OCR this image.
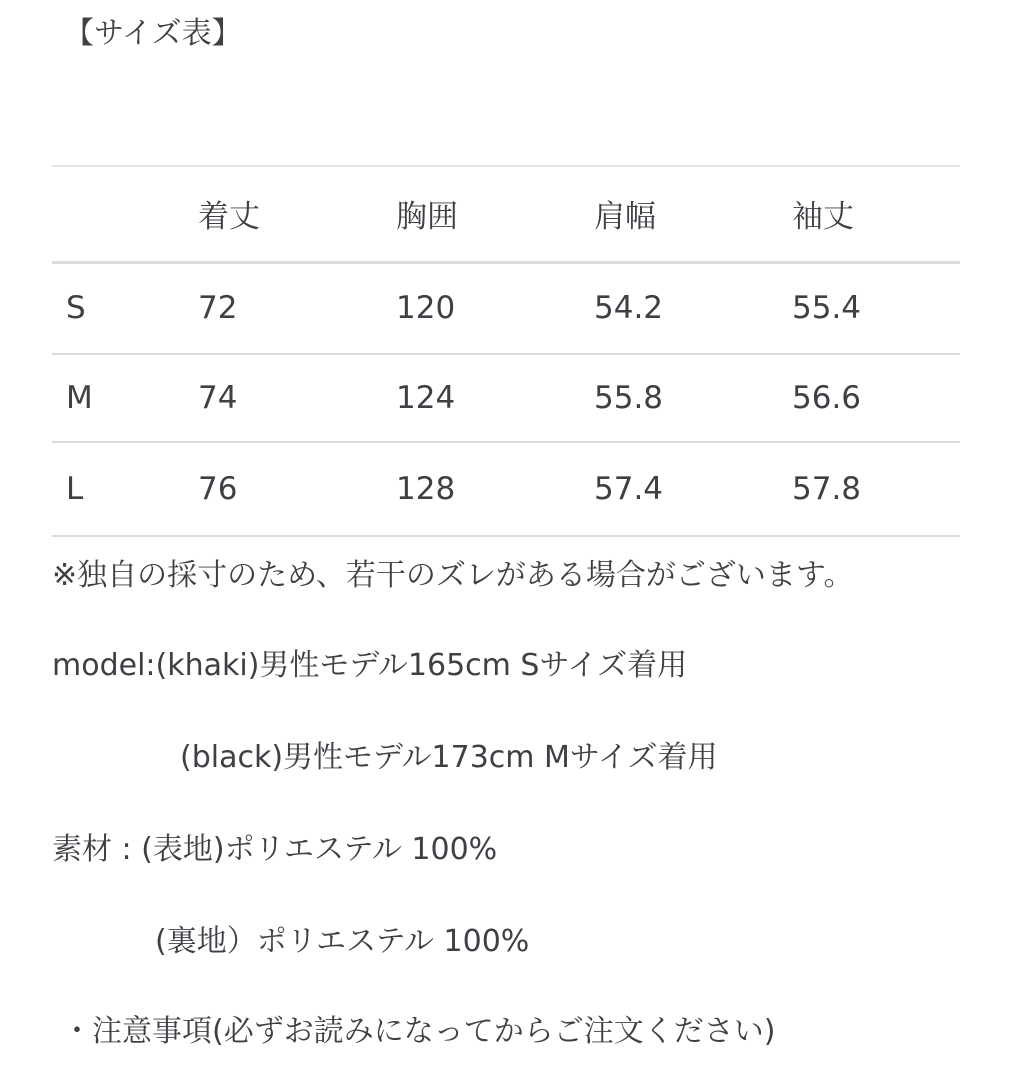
【サイズ表】
	着丈	胸囲	肩幅	袖丈
S	72	120	54.2	55.4
M	74	124	55.8	56.6
L	76	128	57.4	57.8
※独自の採寸のため、若干のズレがある場合がございます。
model:(khaki)男性モデル165cm Sサイズ着用
(black)男性モデル173cm Mサイズ着用
素材 : (表地)ポリエステル 100%
(裏地）ポリエステル 100%
・注意事項(必ずお読みになってからご注文ください)
